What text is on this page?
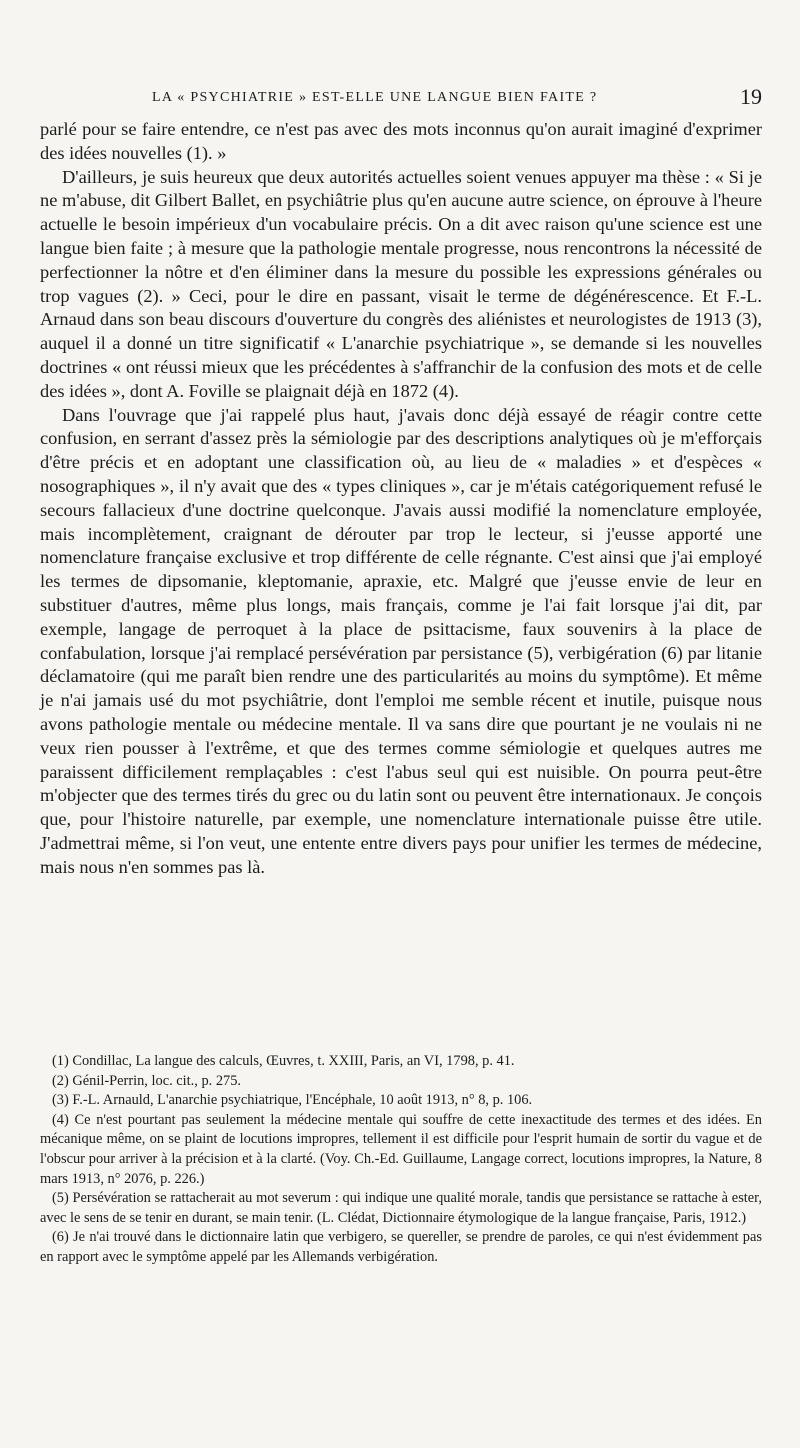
LA « PSYCHIATRIE » EST-ELLE UNE LANGUE BIEN FAITE ?	19

parlé pour se faire entendre, ce n'est pas avec des mots inconnus qu'on aurait imaginé d'exprimer des idées nouvelles (1). »

D'ailleurs, je suis heureux que deux autorités actuelles soient venues appuyer ma thèse : « Si je ne m'abuse, dit Gilbert Ballet, en psychiâtrie plus qu'en aucune autre science, on éprouve à l'heure actuelle le besoin impérieux d'un vocabulaire précis. On a dit avec raison qu'une science est une langue bien faite ; à mesure que la pathologie mentale progresse, nous rencontrons la nécessité de perfectionner la nôtre et d'en éliminer dans la mesure du possible les expressions générales ou trop vagues (2). » Ceci, pour le dire en passant, visait le terme de dégénérescence. Et F.-L. Arnaud dans son beau discours d'ouverture du congrès des aliénistes et neurologistes de 1913 (3), auquel il a donné un titre significatif « L'anarchie psychiatrique », se demande si les nouvelles doctrines « ont réussi mieux que les précédentes à s'affranchir de la confusion des mots et de celle des idées », dont A. Foville se plaignait déjà en 1872 (4).

Dans l'ouvrage que j'ai rappelé plus haut, j'avais donc déjà essayé de réagir contre cette confusion, en serrant d'assez près la sémiologie par des descriptions analytiques où je m'efforçais d'être précis et en adoptant une classification où, au lieu de « maladies » et d'espèces « nosographiques », il n'y avait que des « types cliniques », car je m'étais catégoriquement refusé le secours fallacieux d'une doctrine quelconque. J'avais aussi modifié la nomenclature employée, mais incomplètement, craignant de dérouter par trop le lecteur, si j'eusse apporté une nomenclature française exclusive et trop différente de celle régnante. C'est ainsi que j'ai employé les termes de dipsomanie, kleptomanie, apraxie, etc. Malgré que j'eusse envie de leur en substituer d'autres, même plus longs, mais français, comme je l'ai fait lorsque j'ai dit, par exemple, langage de perroquet à la place de psittacisme, faux souvenirs à la place de confabulation, lorsque j'ai remplacé persévération par persistance (5), verbigération (6) par litanie déclamatoire (qui me paraît bien rendre une des particularités au moins du symptôme). Et même je n'ai jamais usé du mot psychiâtrie, dont l'emploi me semble récent et inutile, puisque nous avons pathologie mentale ou médecine mentale. Il va sans dire que pourtant je ne voulais ni ne veux rien pousser à l'extrême, et que des termes comme sémiologie et quelques autres me paraissent difficilement remplaçables : c'est l'abus seul qui est nuisible. On pourra peut-être m'objecter que des termes tirés du grec ou du latin sont ou peuvent être internationaux. Je conçois que, pour l'histoire naturelle, par exemple, une nomenclature internationale puisse être utile. J'admettrai même, si l'on veut, une entente entre divers pays pour unifier les termes de médecine, mais nous n'en sommes pas là.

(1) Condillac, La langue des calculs, Œuvres, t. XXIII, Paris, an VI, 1798, p. 41.

(2) Génil-Perrin, loc. cit., p. 275.

(3) F.-L. Arnauld, L'anarchie psychiatrique, l'Encéphale, 10 août 1913, n° 8, p. 106.

(4) Ce n'est pourtant pas seulement la médecine mentale qui souffre de cette inexactitude des termes et des idées. En mécanique même, on se plaint de locutions impropres, tellement il est difficile pour l'esprit humain de sortir du vague et de l'obscur pour arriver à la précision et à la clarté. (Voy. Ch.-Ed. Guillaume, Langage correct, locutions impropres, la Nature, 8 mars 1913, n° 2076, p. 226.)

(5) Persévération se rattacherait au mot severum : qui indique une qualité morale, tandis que persistance se rattache à ester, avec le sens de se tenir en durant, se main tenir. (L. Clédat, Dictionnaire étymologique de la langue française, Paris, 1912.)

(6) Je n'ai trouvé dans le dictionnaire latin que verbigero, se quereller, se prendre de paroles, ce qui n'est évidemment pas en rapport avec le symptôme appelé par les Allemands verbigération.
